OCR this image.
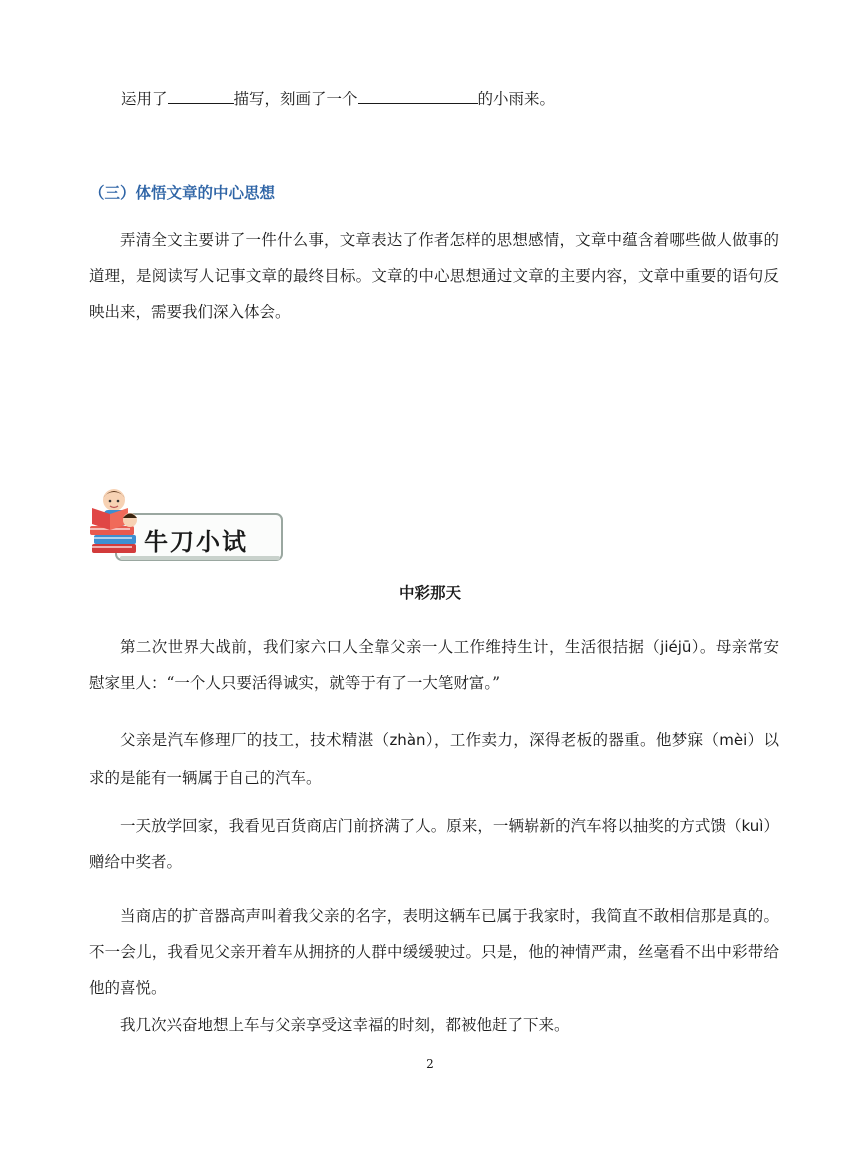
运用了	描写，刻画了一个	的小雨来。
（三）体悟文章的中心思想
弄清全文主要讲了一件什么事，文章表达了作者怎样的思想感情，文章中蕴含着哪些做人做事的道理，是阅读写人记事文章的最终目标。文章的中心思想通过文章的主要内容，文章中重要的语句反映出来，需要我们深入体会。
牛刀小试
中彩那天
第二次世界大战前，我们家六口人全靠父亲一人工作维持生计，生活很拮据（jiéjū）。母亲常安慰家里人：“一个人只要活得诚实，就等于有了一大笔财富。”
父亲是汽车修理厂的技工，技术精湛（zhàn），工作卖力，深得老板的器重。他梦寐（mèi）以求的是能有一辆属于自己的汽车。
一天放学回家，我看见百货商店门前挤满了人。原来，一辆崭新的汽车将以抽奖的方式馈（kuì）赠给中奖者。
当商店的扩音器高声叫着我父亲的名字，表明这辆车已属于我家时，我简直不敢相信那是真的。不一会儿，我看见父亲开着车从拥挤的人群中缓缓驶过。只是，他的神情严肃，丝毫看不出中彩带给他的喜悦。
我几次兴奋地想上车与父亲享受这幸福的时刻，都被他赶了下来。
2
